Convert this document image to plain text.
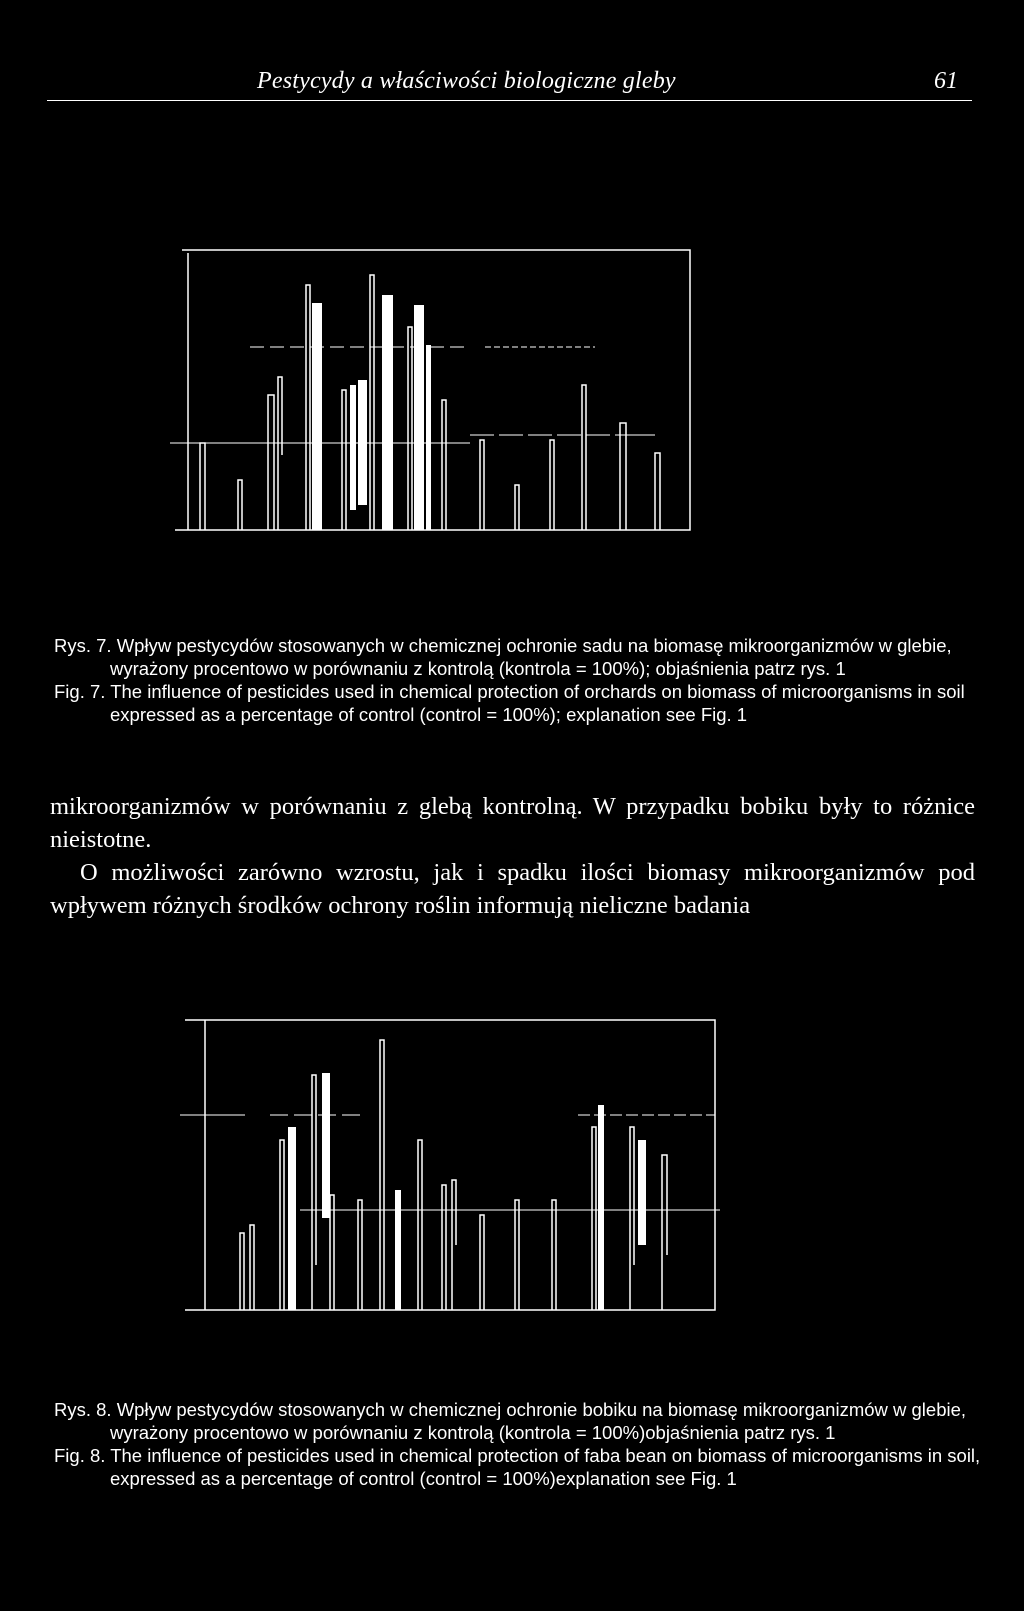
Pestycydy a właściwości biologiczne gleby	61

Rys. 7. Wpływ pestycydów stosowanych w chemicznej ochronie sadu na biomasę mikroorganizmów w glebie, wyrażony procentowo w porównaniu z kontrolą (kontrola = 100%); objaśnienia patrz rys. 1

Fig. 7. The influence of pesticides used in chemical protection of orchards on biomass of microorganisms in soil expressed as a percentage of control (control = 100%); explanation see Fig. 1

mikroorganizmów w porównaniu z glebą kontrolną. W przypadku bobiku były to różnice nieistotne.

O możliwości zarówno wzrostu, jak i spadku ilości biomasy mikroorganizmów pod wpływem różnych środków ochrony roślin informują nieliczne badania

Rys. 8. Wpływ pestycydów stosowanych w chemicznej ochronie bobiku na biomasę mikroorganizmów w glebie, wyrażony procentowo w porównaniu z kontrolą (kontrola = 100%)objaśnienia patrz rys. 1

Fig. 8. The influence of pesticides used in chemical protection of faba bean on biomass of microorganisms in soil, expressed as a percentage of control (control = 100%)explanation see Fig. 1
